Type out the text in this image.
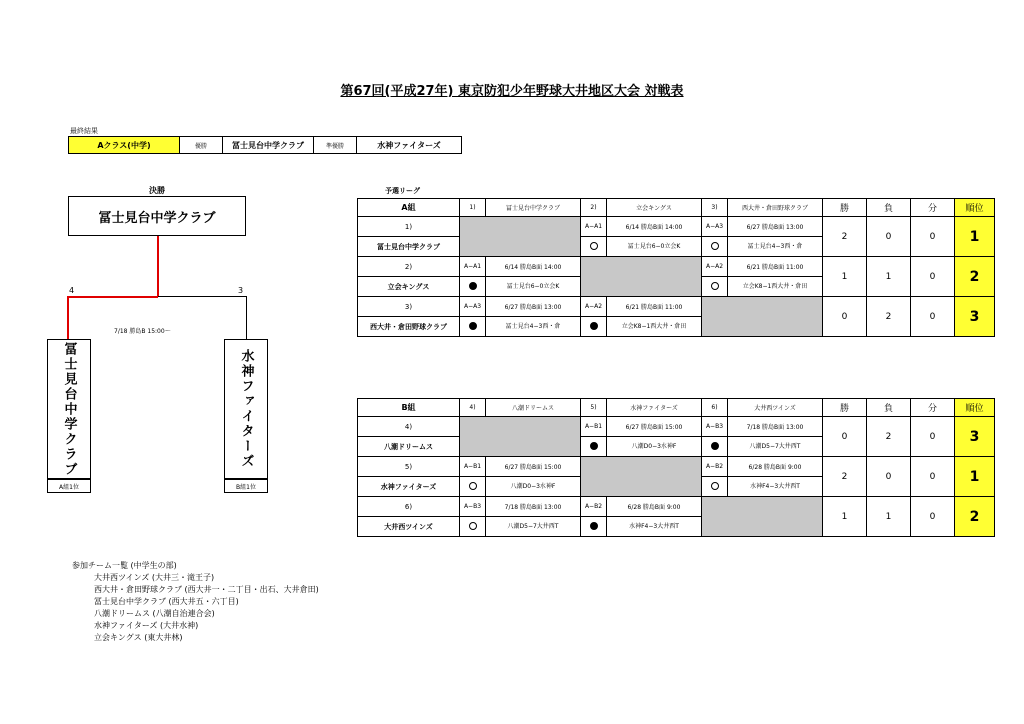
第67回(平成27年) 東京防犯少年野球大井地区大会 対戦表
最終結果
Aクラス(中学)	優勝	冨士見台中学クラブ	準優勝	水神ファイターズ
決勝
冨士見台中学クラブ
4	3
7/18 勝島B 15:00〜
冨士見台中学クラブ	水神ファイターズ
A組1位	B組1位
予選リーグ
A組	1)	冨士見台中学クラブ	2)	立会キングス	3)	西大井・倉田野球クラブ	勝	負	分	順位
1)			A−A1	6/14 勝島B面 14:00	A−A3	6/27 勝島B面 13:00	2	0	0	1
冨士見台中学クラブ				冨士見台6−0立会K		冨士見台4−3西・倉				
2)	A−A1	6/14 勝島B面 14:00			A−A2	6/21 勝島B面 11:00	1	1	0	2
立会キングス		冨士見台6−0立会K				立会K8−1西大井・倉田				
3)	A−A3	6/27 勝島B面 13:00	A−A2	6/21 勝島B面 11:00			0	2	0	3
西大井・倉田野球クラブ		冨士見台4−3西・倉		立会K8−1西大井・倉田						
B組	4)	八潮ドリームス	5)	水神ファイターズ	6)	大井西ツインズ	勝	負	分	順位
4)			A−B1	6/27 勝島B面 15:00	A−B3	7/18 勝島B面 13:00	0	2	0	3
八潮ドリームス				八潮D0−3水神F		八潮D5−7大井西T				
5)	A−B1	6/27 勝島B面 15:00			A−B2	6/28 勝島B面 9:00	2	0	0	1
水神ファイターズ		八潮D0−3水神F				水神F4−3大井西T				
6)	A−B3	7/18 勝島B面 13:00	A−B2	6/28 勝島B面 9:00			1	1	0	2
大井西ツインズ		八潮D5−7大井西T		水神F4−3大井西T						
参加チーム一覧 (中学生の部)
大井西ツインズ (大井三・滝王子)
西大井・倉田野球クラブ (西大井一・二丁目・出石、大井倉田)
冨士見台中学クラブ (西大井五・六丁目)
八潮ドリームス (八潮自治連合会)
水神ファイターズ (大井水神)
立会キングス (東大井林)
